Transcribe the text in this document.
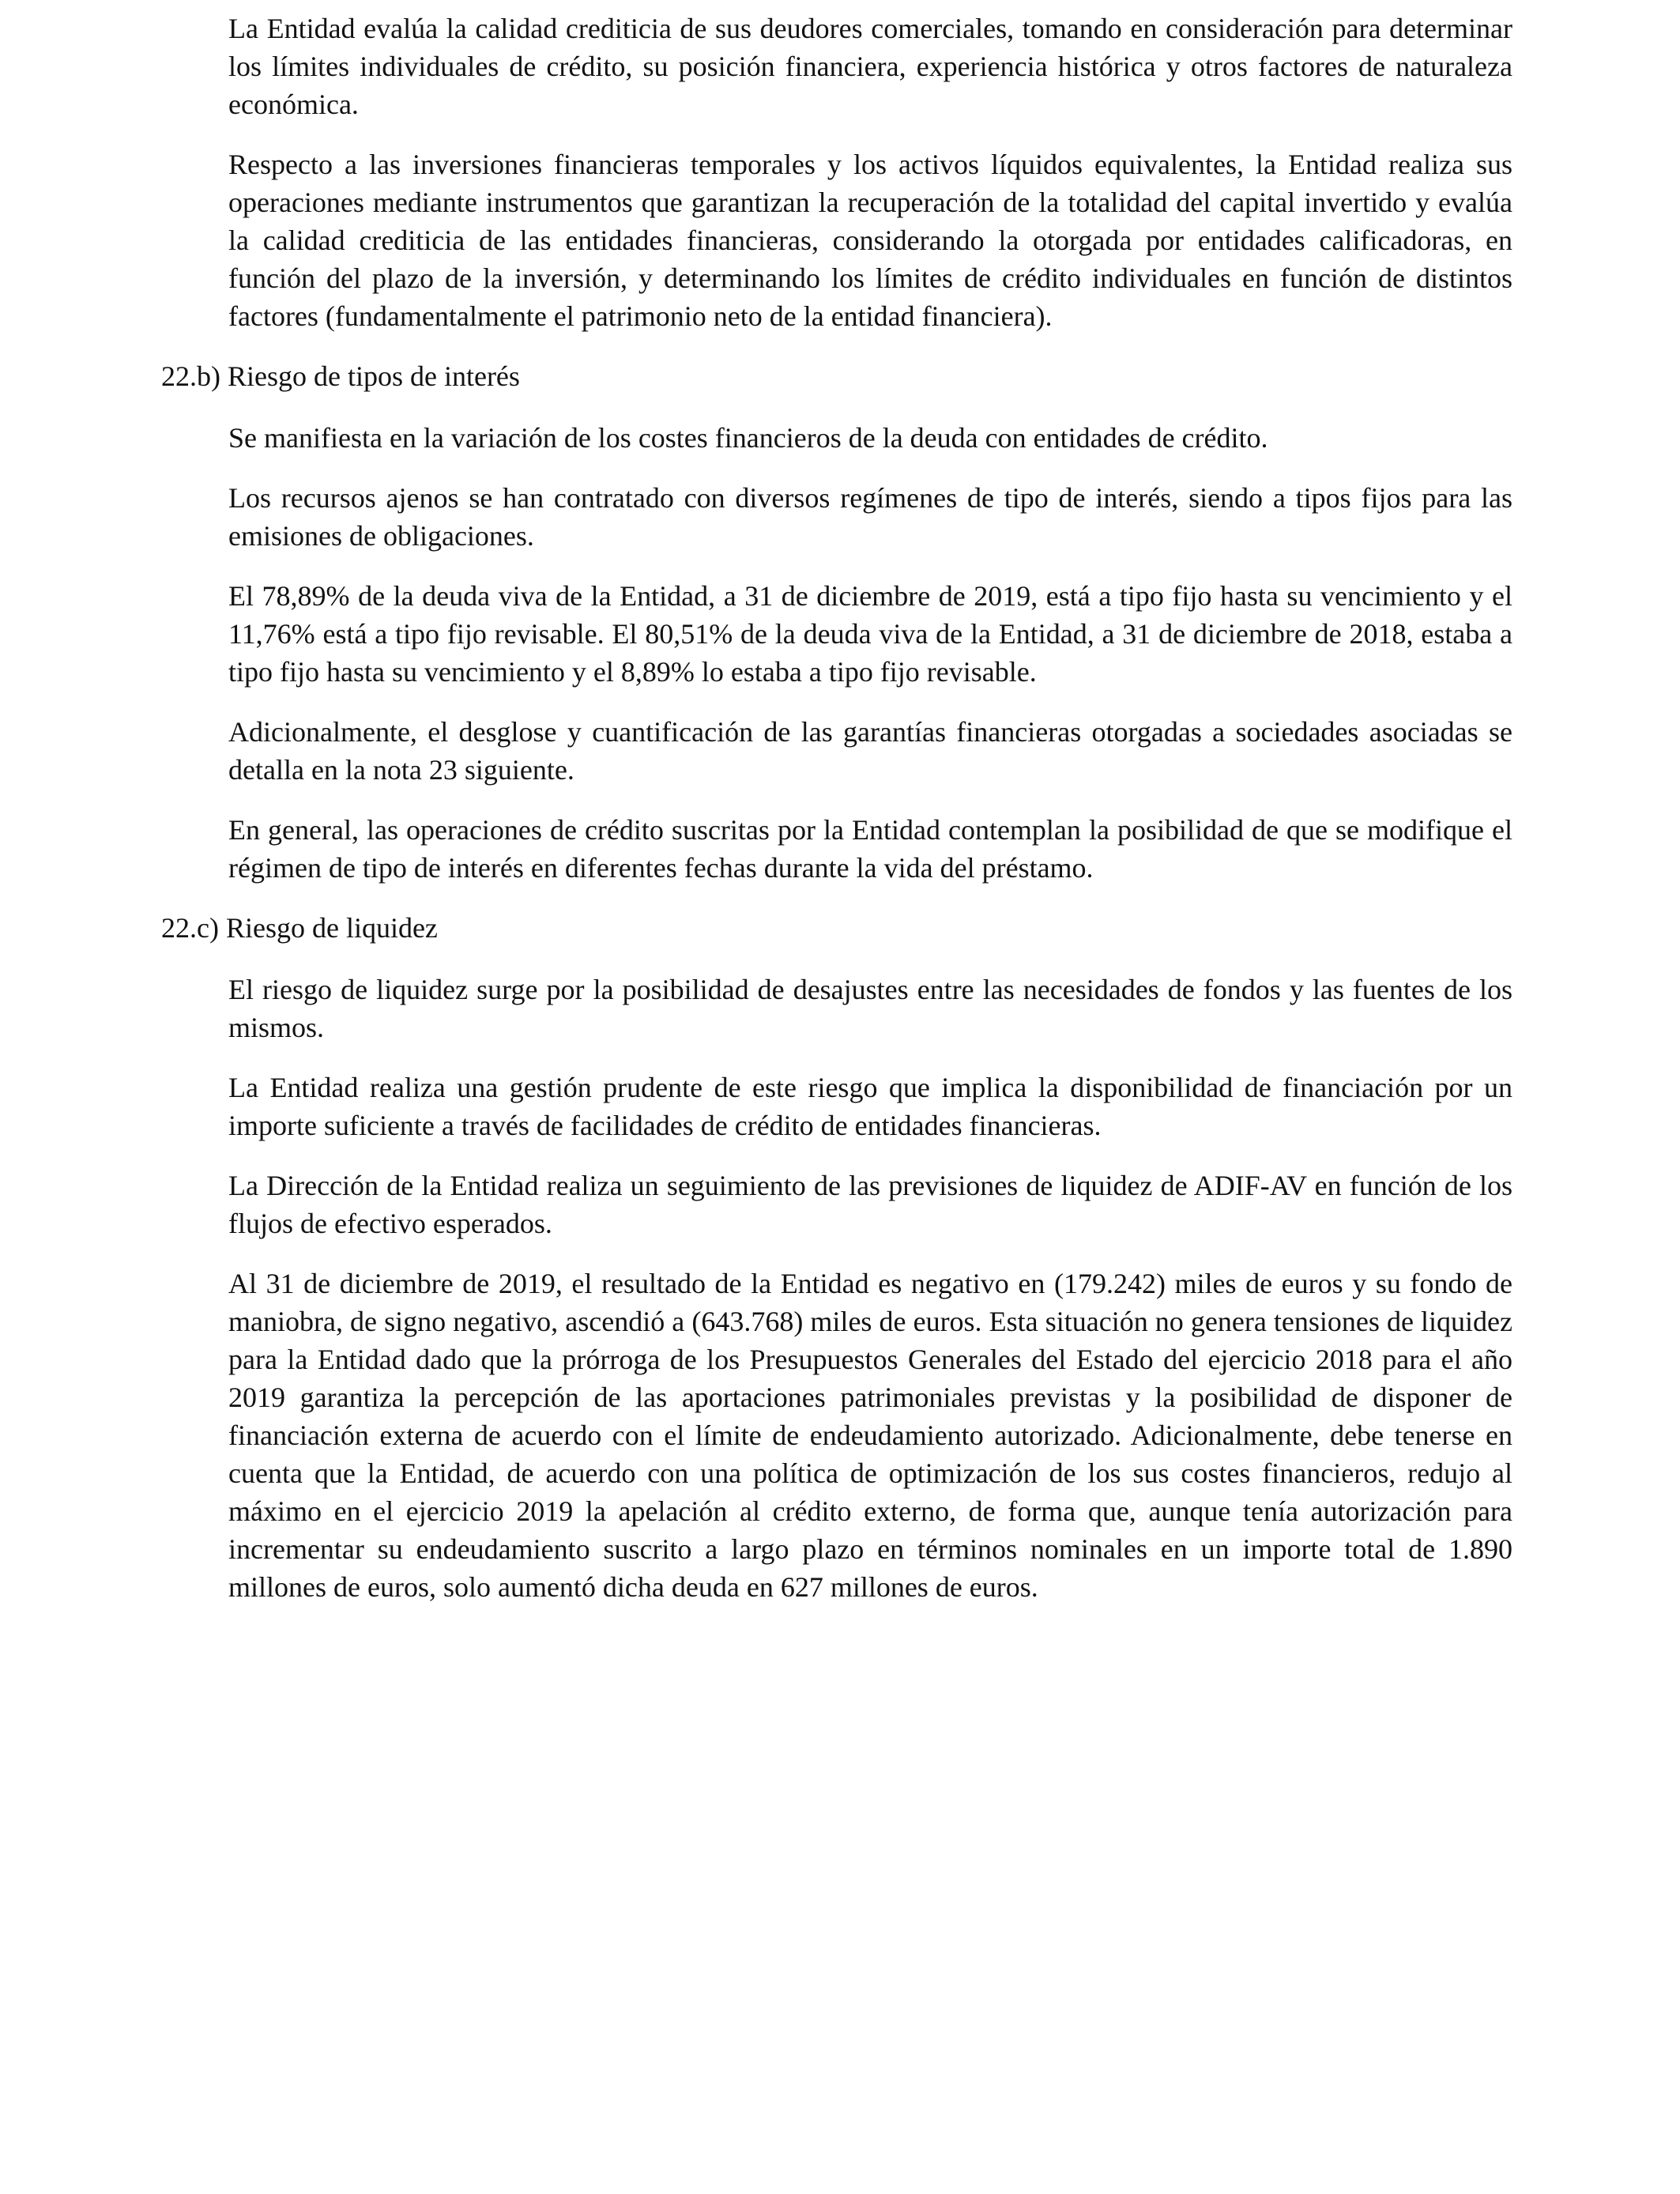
La Entidad evalúa la calidad crediticia de sus deudores comerciales, tomando en consideración para determinar los límites individuales de crédito, su posición financiera, experiencia histórica y otros factores de naturaleza económica.

Respecto a las inversiones financieras temporales y los activos líquidos equivalentes, la Entidad realiza sus operaciones mediante instrumentos que garantizan la recuperación de la totalidad del capital invertido y evalúa la calidad crediticia de las entidades financieras, considerando la otorgada por entidades calificadoras, en función del plazo de la inversión, y determinando los límites de crédito individuales en función de distintos factores (fundamentalmente el patrimonio neto de la entidad financiera).

22.b) Riesgo de tipos de interés

Se manifiesta en la variación de los costes financieros de la deuda con entidades de crédito.

Los recursos ajenos se han contratado con diversos regímenes de tipo de interés, siendo a tipos fijos para las emisiones de obligaciones.

El 78,89% de la deuda viva de la Entidad, a 31 de diciembre de 2019, está a tipo fijo hasta su vencimiento y el 11,76% está a tipo fijo revisable. El 80,51% de la deuda viva de la Entidad, a 31 de diciembre de 2018, estaba a tipo fijo hasta su vencimiento y el 8,89% lo estaba a tipo fijo revisable.

Adicionalmente, el desglose y cuantificación de las garantías financieras otorgadas a sociedades asociadas se detalla en la nota 23 siguiente.

En general, las operaciones de crédito suscritas por la Entidad contemplan la posibilidad de que se modifique el régimen de tipo de interés en diferentes fechas durante la vida del préstamo.

22.c) Riesgo de liquidez

El riesgo de liquidez surge por la posibilidad de desajustes entre las necesidades de fondos y las fuentes de los mismos.

La Entidad realiza una gestión prudente de este riesgo que implica la disponibilidad de financiación por un importe suficiente a través de facilidades de crédito de entidades financieras.

La Dirección de la Entidad realiza un seguimiento de las previsiones de liquidez de ADIF-AV en función de los flujos de efectivo esperados.

Al 31 de diciembre de 2019, el resultado de la Entidad es negativo en (179.242) miles de euros y su fondo de maniobra, de signo negativo, ascendió a (643.768) miles de euros. Esta situación no genera tensiones de liquidez para la Entidad dado que la prórroga de los Presupuestos Generales del Estado del ejercicio 2018 para el año 2019 garantiza la percepción de las aportaciones patrimoniales previstas y la posibilidad de disponer de financiación externa de acuerdo con el límite de endeudamiento autorizado. Adicionalmente, debe tenerse en cuenta que la Entidad, de acuerdo con una política de optimización de los sus costes financieros, redujo al máximo en el ejercicio 2019 la apelación al crédito externo, de forma que, aunque tenía autorización para incrementar su endeudamiento suscrito a largo plazo en términos nominales en un importe total de 1.890 millones de euros, solo aumentó dicha deuda en 627 millones de euros.
